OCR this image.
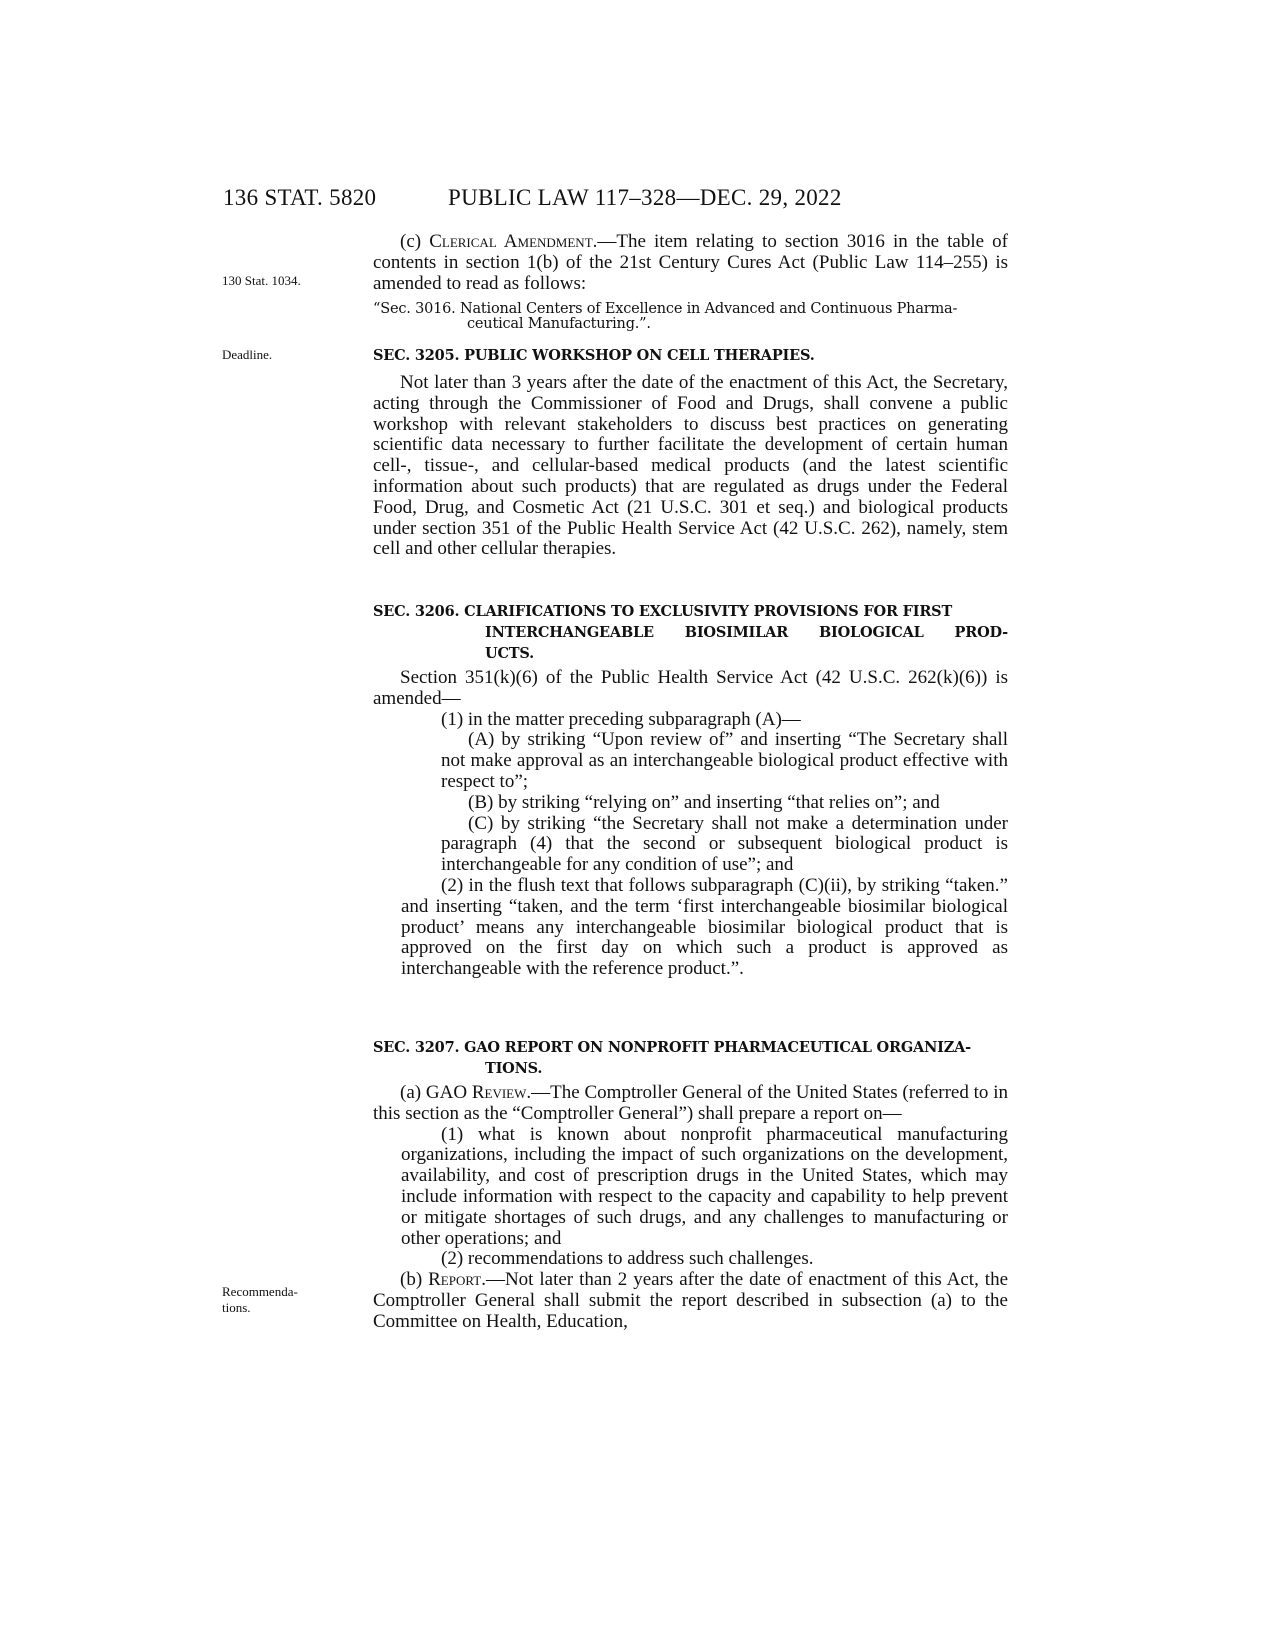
136 STAT. 5820	PUBLIC LAW 117–328—DEC. 29, 2022
130 Stat. 1034.
Deadline.
Recommenda-
tions.

(c) Clerical Amendment.—The item relating to section 3016 in the table of contents in section 1(b) of the 21st Century Cures Act (Public Law 114–255) is amended to read as follows:

“Sec. 3016. National Centers of Excellence in Advanced and Continuous Pharma-
ceutical Manufacturing.”.
SEC. 3205. PUBLIC WORKSHOP ON CELL THERAPIES.

Not later than 3 years after the date of the enactment of this Act, the Secretary, acting through the Commissioner of Food and Drugs, shall convene a public workshop with relevant stakeholders to discuss best practices on generating scientific data necessary to further facilitate the development of certain human cell-, tissue-, and cellular-based medical products (and the latest scientific information about such products) that are regulated as drugs under the Federal Food, Drug, and Cosmetic Act (21 U.S.C. 301 et seq.) and biological products under section 351 of the Public Health Service Act (42 U.S.C. 262), namely, stem cell and other cellular therapies.

SEC. 3206. CLARIFICATIONS TO EXCLUSIVITY PROVISIONS FOR FIRST
INTERCHANGEABLE BIOSIMILAR BIOLOGICAL PROD-
UCTS.

Section 351(k)(6) of the Public Health Service Act (42 U.S.C. 262(k)(6)) is amended—

(1) in the matter preceding subparagraph (A)—

(A) by striking “Upon review of” and inserting “The Secretary shall not make approval as an interchangeable biological product effective with respect to”;

(B) by striking “relying on” and inserting “that relies on”; and

(C) by striking “the Secretary shall not make a determination under paragraph (4) that the second or subsequent biological product is interchangeable for any condition of use”; and

(2) in the flush text that follows subparagraph (C)(ii), by striking “taken.” and inserting “taken, and the term ‘first interchangeable biosimilar biological product’ means any interchangeable biosimilar biological product that is approved on the first day on which such a product is approved as interchangeable with the reference product.”.

SEC. 3207. GAO REPORT ON NONPROFIT PHARMACEUTICAL ORGANIZA-
TIONS.

(a) GAO Review.—The Comptroller General of the United States (referred to in this section as the “Comptroller General”) shall prepare a report on—

(1) what is known about nonprofit pharmaceutical manufacturing organizations, including the impact of such organizations on the development, availability, and cost of prescription drugs in the United States, which may include information with respect to the capacity and capability to help prevent or mitigate shortages of such drugs, and any challenges to manufacturing or other operations; and

(2) recommendations to address such challenges.

(b) Report.—Not later than 2 years after the date of enactment of this Act, the Comptroller General shall submit the report described in subsection (a) to the Committee on Health, Education,
